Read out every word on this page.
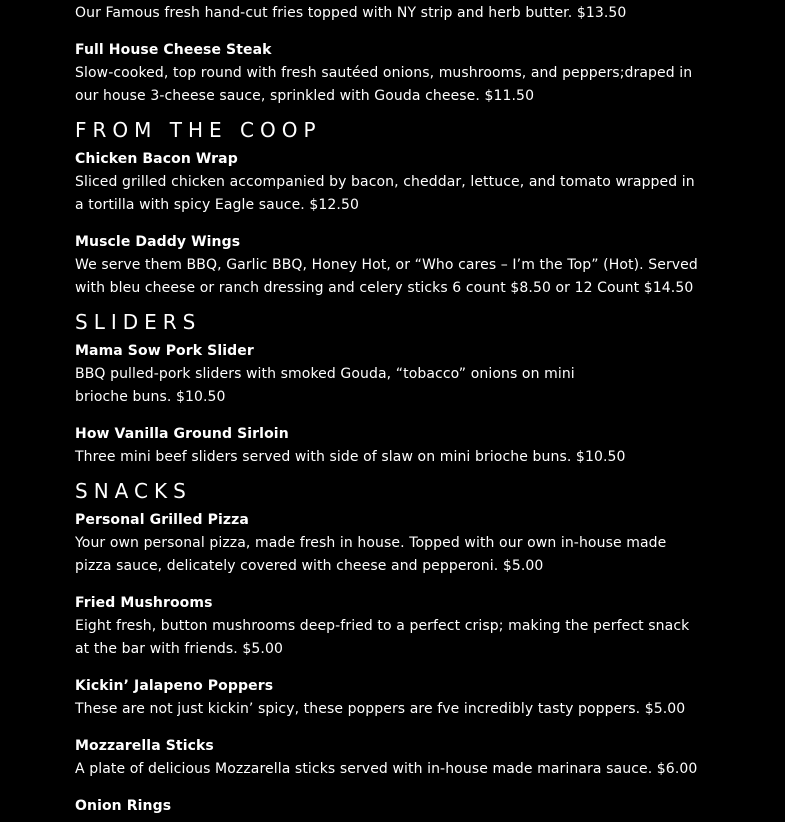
Our Famous fresh hand-cut fries topped with NY strip and herb butter. $13.50

Full House Cheese Steak

Slow-cooked, top round with fresh sautéed onions, mushrooms, and peppers;draped in our house 3-cheese sauce, sprinkled with Gouda cheese. $11.50

FROM THE COOP

Chicken Bacon Wrap

Sliced grilled chicken accompanied by bacon, cheddar, lettuce, and tomato wrapped in a tortilla with spicy Eagle sauce. $12.50

Muscle Daddy Wings

We serve them BBQ, Garlic BBQ, Honey Hot, or “Who cares – I’m the Top” (Hot). Served with bleu cheese or ranch dressing and celery sticks 6 count $8.50 or 12 Count $14.50

SLIDERS

Mama Sow Pork Slider

BBQ pulled-pork sliders with smoked Gouda, “tobacco” onions on mini brioche buns. $10.50

How Vanilla Ground Sirloin

Three mini beef sliders served with side of slaw on mini brioche buns. $10.50

SNACKS

Personal Grilled Pizza

Your own personal pizza, made fresh in house. Topped with our own in-house made pizza sauce, delicately covered with cheese and pepperoni. $5.00

Fried Mushrooms

Eight fresh, button mushrooms deep-fried to a perfect crisp; making the perfect snack at the bar with friends. $5.00

Kickin’ Jalapeno Poppers

These are not just kickin’ spicy, these poppers are fve incredibly tasty poppers. $5.00

Mozzarella Sticks

A plate of delicious Mozzarella sticks served with in-house made marinara sauce. $6.00

Onion Rings
